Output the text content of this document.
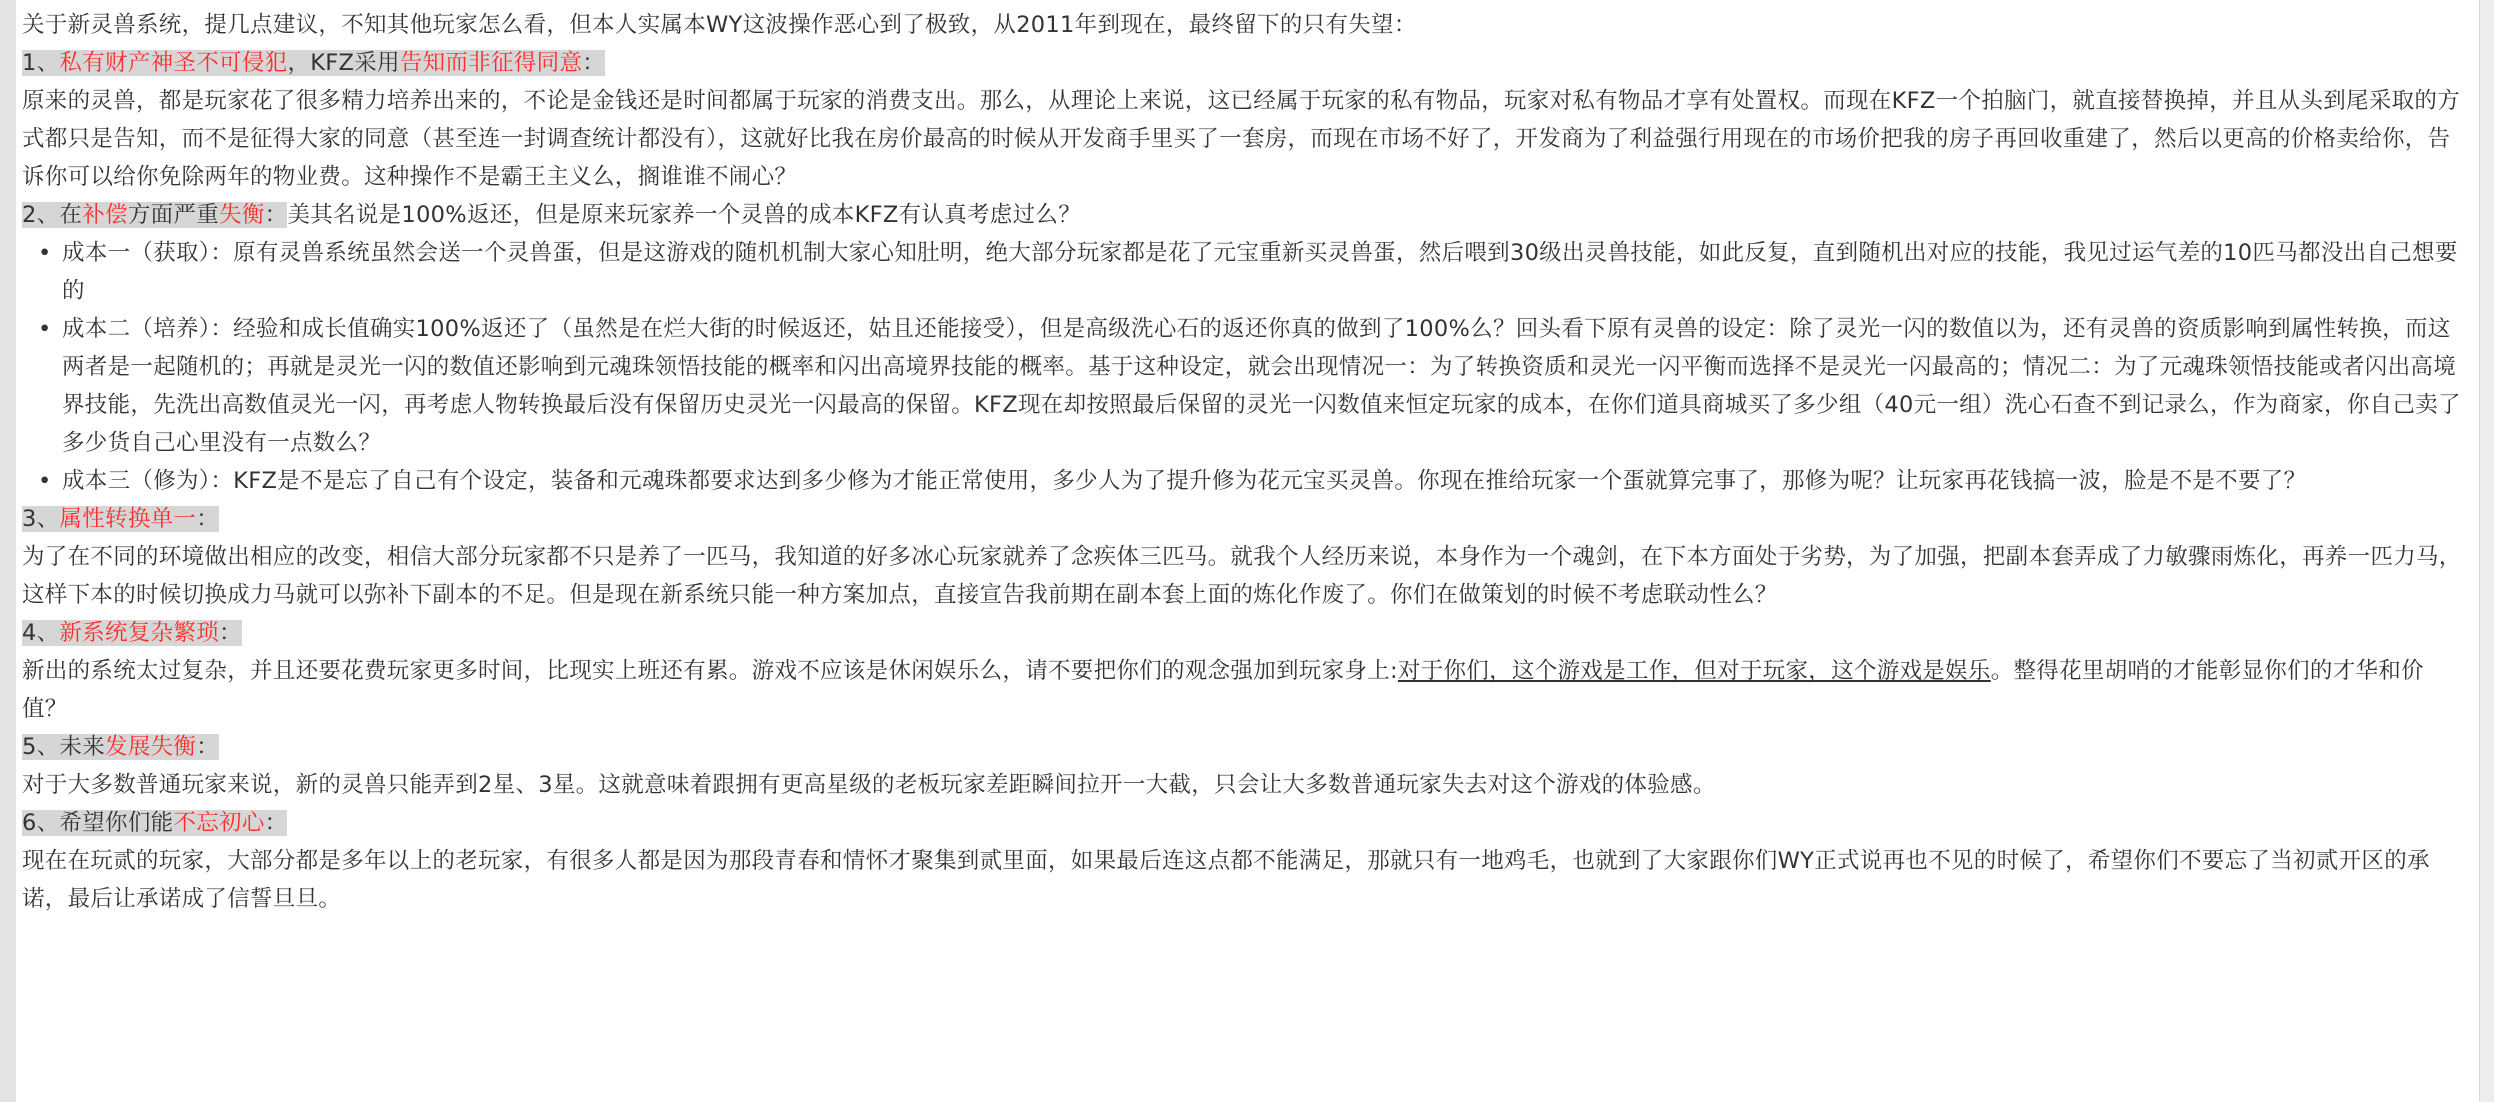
关于新灵兽系统，提几点建议，不知其他玩家怎么看，但本人实属本WY这波操作恶心到了极致，从2011年到现在，最终留下的只有失望：

1、私有财产神圣不可侵犯，KFZ采用告知而非征得同意：

原来的灵兽，都是玩家花了很多精力培养出来的，不论是金钱还是时间都属于玩家的消费支出。那么，从理论上来说，这已经属于玩家的私有物品，玩家对私有物品才享有处置权。而现在KFZ一个拍脑门，就直接替换掉，并且从头到尾采取的方式都只是告知，而不是征得大家的同意（甚至连一封调查统计都没有），这就好比我在房价最高的时候从开发商手里买了一套房，而现在市场不好了，开发商为了利益强行用现在的市场价把我的房子再回收重建了，然后以更高的价格卖给你，告诉你可以给你免除两年的物业费。这种操作不是霸王主义么，搁谁谁不闹心？

2、在补偿方面严重失衡：美其名说是100%返还，但是原来玩家养一个灵兽的成本KFZ有认真考虑过么？

• 成本一（获取）：原有灵兽系统虽然会送一个灵兽蛋，但是这游戏的随机机制大家心知肚明，绝大部分玩家都是花了元宝重新买灵兽蛋，然后喂到30级出灵兽技能，如此反复，直到随机出对应的技能，我见过运气差的10匹马都没出自己想要的
• 成本二（培养）：经验和成长值确实100%返还了（虽然是在烂大街的时候返还，姑且还能接受），但是高级洗心石的返还你真的做到了100%么？回头看下原有灵兽的设定：除了灵光一闪的数值以为，还有灵兽的资质影响到属性转换，而这两者是一起随机的；再就是灵光一闪的数值还影响到元魂珠领悟技能的概率和闪出高境界技能的概率。基于这种设定，就会出现情况一：为了转换资质和灵光一闪平衡而选择不是灵光一闪最高的；情况二：为了元魂珠领悟技能或者闪出高境界技能，先洗出高数值灵光一闪，再考虑人物转换最后没有保留历史灵光一闪最高的保留。KFZ现在却按照最后保留的灵光一闪数值来恒定玩家的成本，在你们道具商城买了多少组（40元一组）洗心石查不到记录么，作为商家，你自己卖了多少货自己心里没有一点数么？
• 成本三（修为）：KFZ是不是忘了自己有个设定，装备和元魂珠都要求达到多少修为才能正常使用，多少人为了提升修为花元宝买灵兽。你现在推给玩家一个蛋就算完事了，那修为呢？让玩家再花钱搞一波，脸是不是不要了？

3、属性转换单一：

为了在不同的环境做出相应的改变，相信大部分玩家都不只是养了一匹马，我知道的好多冰心玩家就养了念疾体三匹马。就我个人经历来说，本身作为一个魂剑，在下本方面处于劣势，为了加强，把副本套弄成了力敏骤雨炼化，再养一匹力马，这样下本的时候切换成力马就可以弥补下副本的不足。但是现在新系统只能一种方案加点，直接宣告我前期在副本套上面的炼化作废了。你们在做策划的时候不考虑联动性么？

4、新系统复杂繁琐：

新出的系统太过复杂，并且还要花费玩家更多时间，比现实上班还有累。游戏不应该是休闲娱乐么，请不要把你们的观念强加到玩家身上:对于你们，这个游戏是工作，但对于玩家，这个游戏是娱乐。整得花里胡哨的才能彰显你们的才华和价值？

5、未来发展失衡：

对于大多数普通玩家来说，新的灵兽只能弄到2星、3星。这就意味着跟拥有更高星级的老板玩家差距瞬间拉开一大截，只会让大多数普通玩家失去对这个游戏的体验感。

6、希望你们能不忘初心：

现在在玩贰的玩家，大部分都是多年以上的老玩家，有很多人都是因为那段青春和情怀才聚集到贰里面，如果最后连这点都不能满足，那就只有一地鸡毛，也就到了大家跟你们WY正式说再也不见的时候了，希望你们不要忘了当初贰开区的承诺，最后让承诺成了信誓旦旦。
